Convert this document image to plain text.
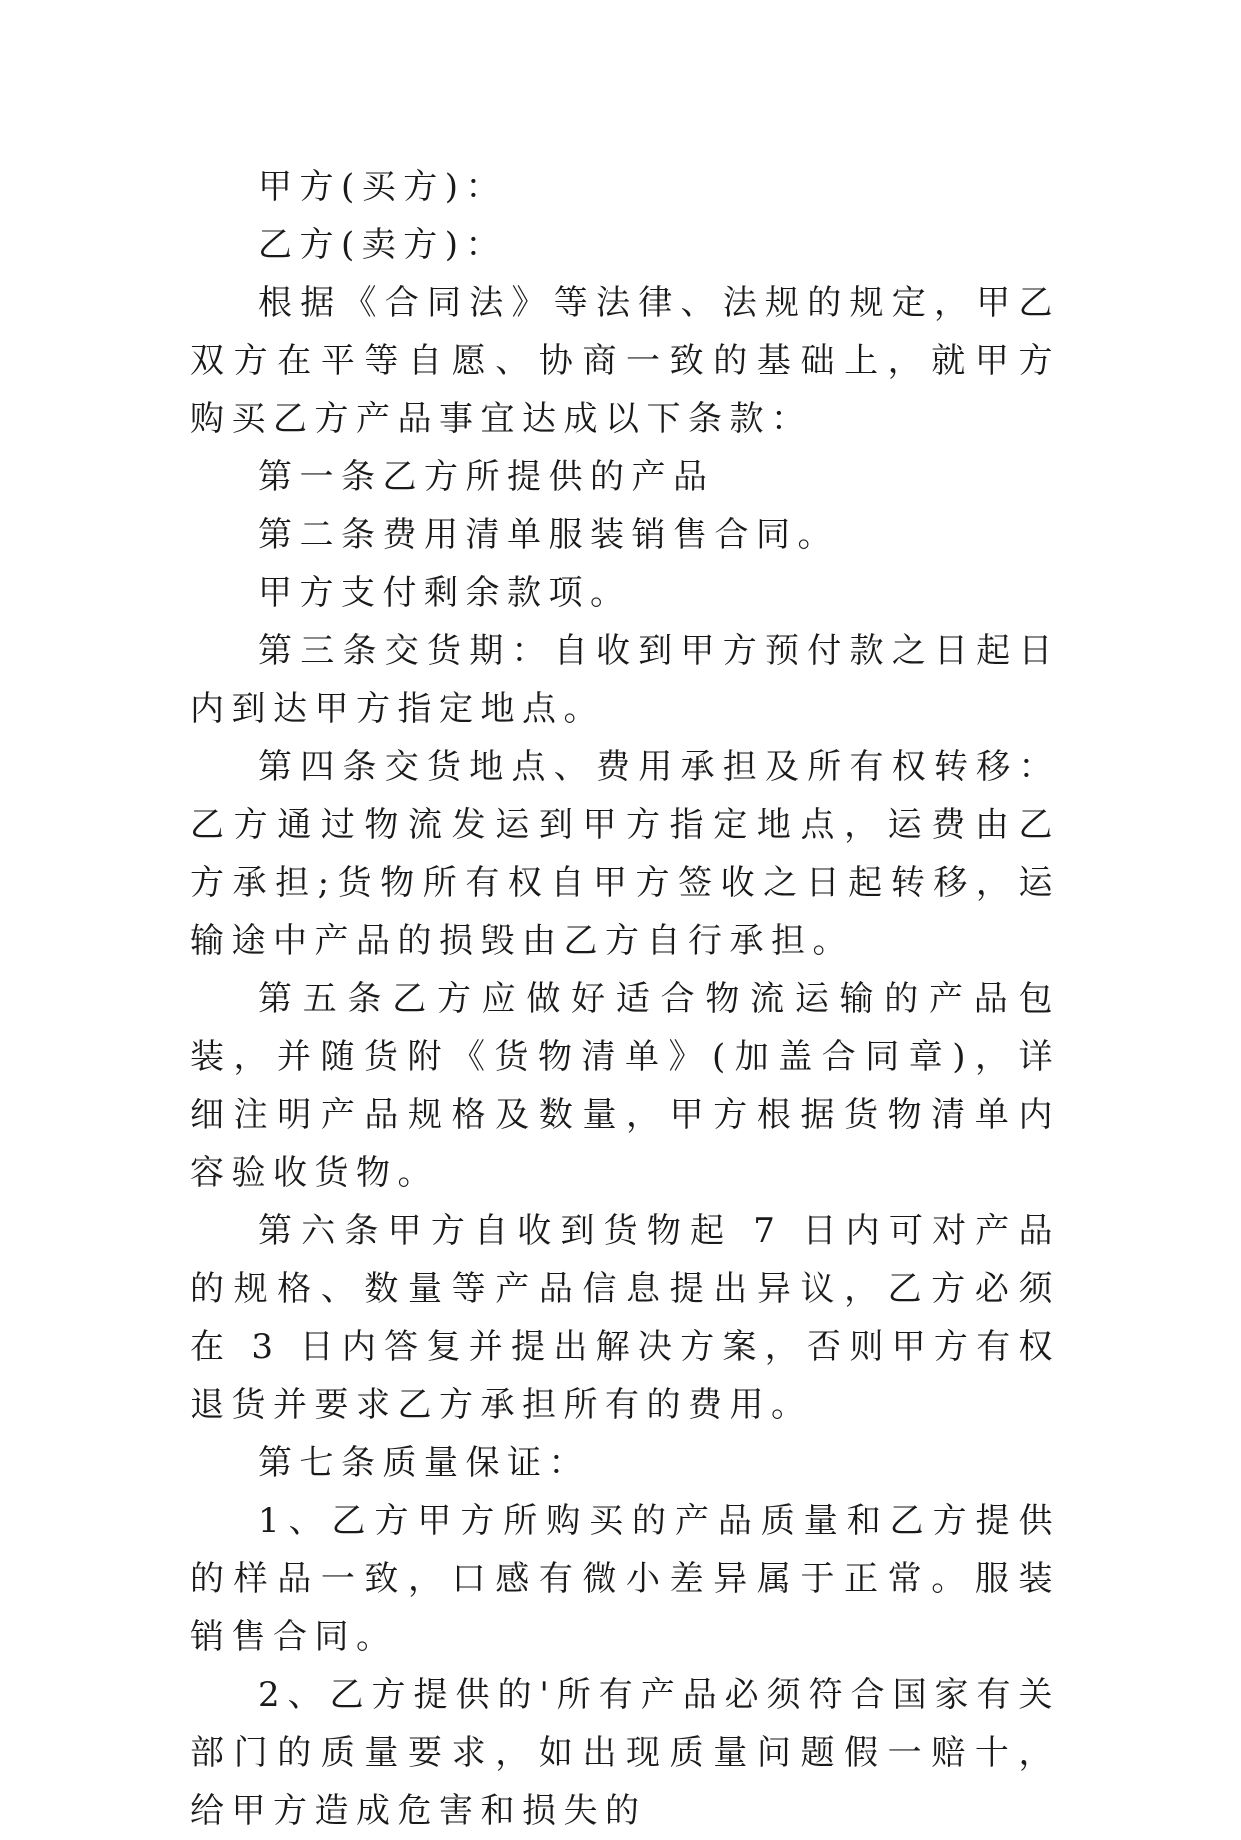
甲方(买方)：

乙方(卖方)：

根据《合同法》等法律、法规的规定，甲乙双方在平等自愿、协商一致的基础上，就甲方购买乙方产品事宜达成以下条款：

第一条乙方所提供的产品

第二条费用清单服装销售合同。

甲方支付剩余款项。

第三条交货期：自收到甲方预付款之日起日内到达甲方指定地点。

第四条交货地点、费用承担及所有权转移：乙方通过物流发运到甲方指定地点，运费由乙方承担;货物所有权自甲方签收之日起转移，运输途中产品的损毁由乙方自行承担。

第五条乙方应做好适合物流运输的产品包装，并随货附《货物清单》(加盖合同章)，详细注明产品规格及数量，甲方根据货物清单内容验收货物。

第六条甲方自收到货物起 7 日内可对产品的规格、数量等产品信息提出异议，乙方必须在 3 日内答复并提出解决方案，否则甲方有权退货并要求乙方承担所有的费用。

第七条质量保证：

1、乙方甲方所购买的产品质量和乙方提供的样品一致，口感有微小差异属于正常。服装销售合同。

2、乙方提供的'所有产品必须符合国家有关部门的质量要求，如出现质量问题假一赔十，给甲方造成危害和损失的
